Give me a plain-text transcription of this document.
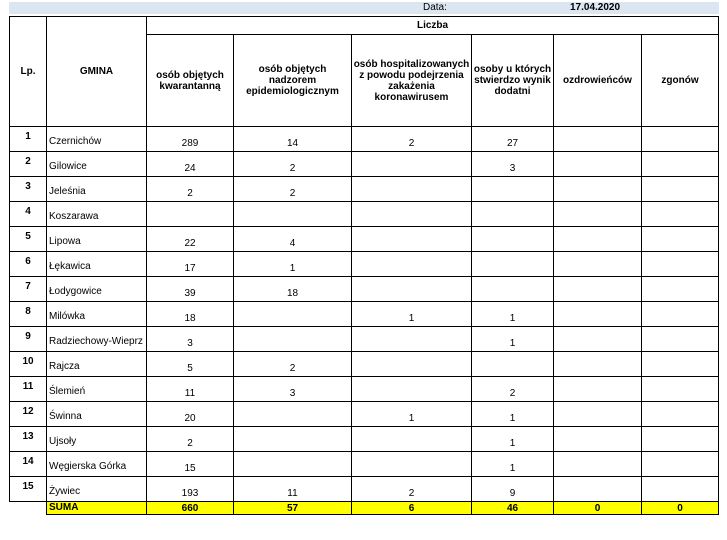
Data:	17.04.2020
Lp.	GMINA	Liczba					
		osób objętych kwarantanną	osób objętych nadzorem epidemiologicznym	osób hospitalizowanych z powodu podejrzenia zakażenia koronawirusem	osoby u których stwierdzo wynik dodatni	ozdrowieńców	zgonów
1	Czernichów	289	14	2	27		
2	Gilowice	24	2		3		
3	Jeleśnia	2	2				
4	Koszarawa						
5	Lipowa	22	4				
6	Łękawica	17	1				
7	Łodygowice	39	18				
8	Milówka	18		1	1		
9	Radziechowy-Wieprz	3			1		
10	Rajcza	5	2				
11	Ślemień	11	3		2		
12	Świnna	20		1	1		
13	Ujsoły	2			1		
14	Węgierska Górka	15			1		
15	Żywiec	193	11	2	9		
	SUMA	660	57	6	46	0	0
